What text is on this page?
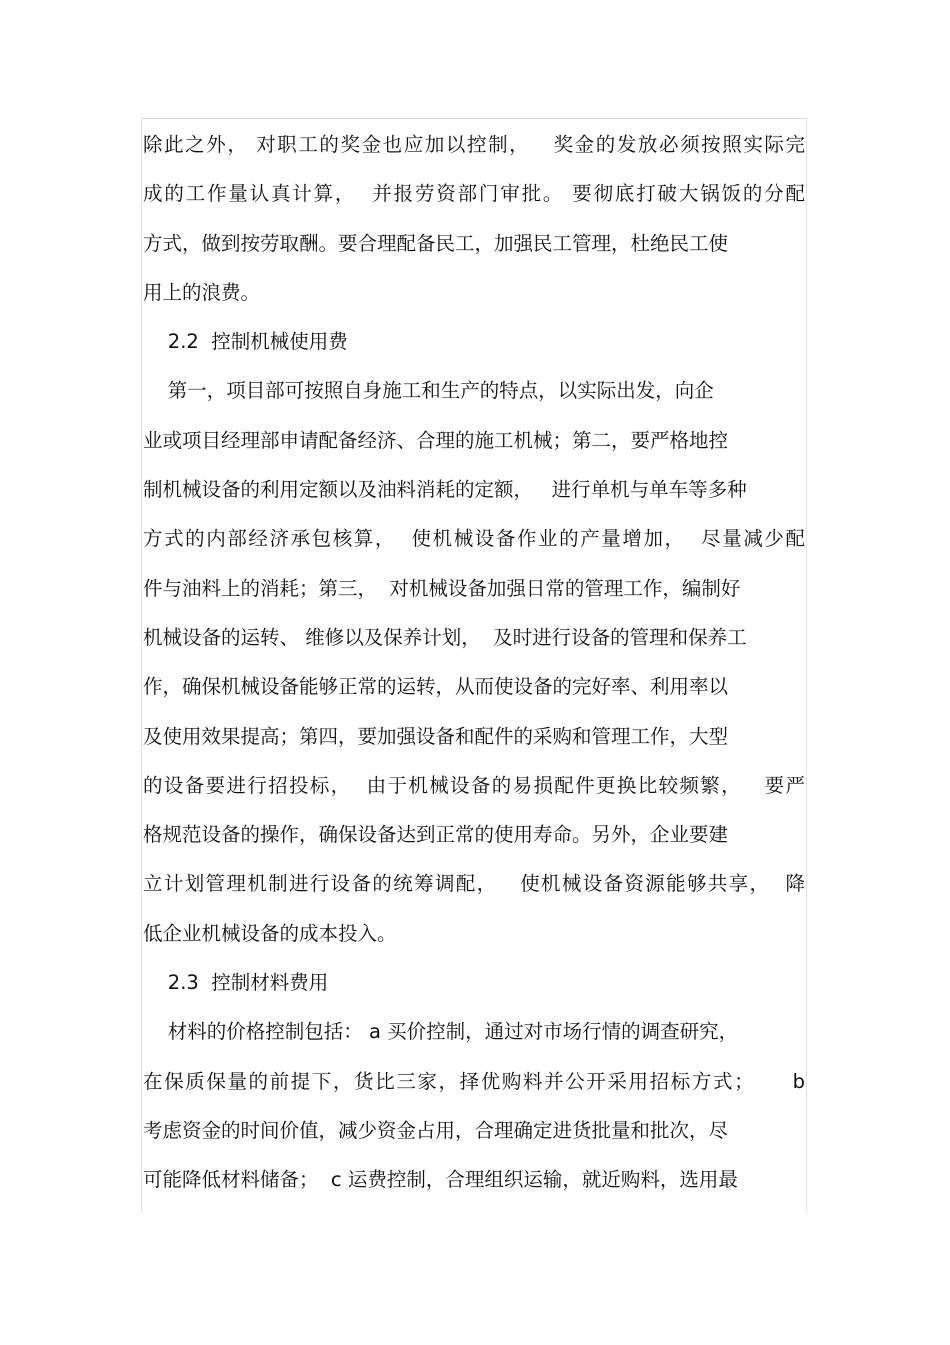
除此之外， 对职工的奖金也应加以控制，   奖金的发放必须按照实际完
成的工作量认真计算，  并报劳资部门审批。 要彻底打破大锅饭的分配
方式，做到按劳取酬。要合理配备民工，加强民工管理，杜绝民工使
用上的浪费。
2.2  控制机械使用费
第一，项目部可按照自身施工和生产的特点，以实际出发，向企
业或项目经理部申请配备经济、合理的施工机械；第二，要严格地控
制机械设备的利用定额以及油料消耗的定额，   进行单机与单车等多种
方式的内部经济承包核算，  使机械设备作业的产量增加，  尽量减少配
件与油料上的消耗；第三，  对机械设备加强日常的管理工作，编制好
机械设备的运转、 维修以及保养计划，  及时进行设备的管理和保养工
作，确保机械设备能够正常的运转，从而使设备的完好率、利用率以
及使用效果提高；第四，要加强设备和配件的采购和管理工作，大型
的设备要进行招投标，  由于机械设备的易损配件更换比较频繁，   要严
格规范设备的操作，确保设备达到正常的使用寿命。另外，企业要建
立计划管理机制进行设备的统筹调配，   使机械设备资源能够共享，  降
低企业机械设备的成本投入。
2.3  控制材料费用
材料的价格控制包括： a 买价控制，通过对市场行情的调查研究，
在保质保量的前提下，货比三家，择优购料并公开采用招标方式；     b
考虑资金的时间价值，减少资金占用，合理确定进货批量和批次，尽
可能降低材料储备；  c 运费控制，合理组织运输，就近购料，选用最
